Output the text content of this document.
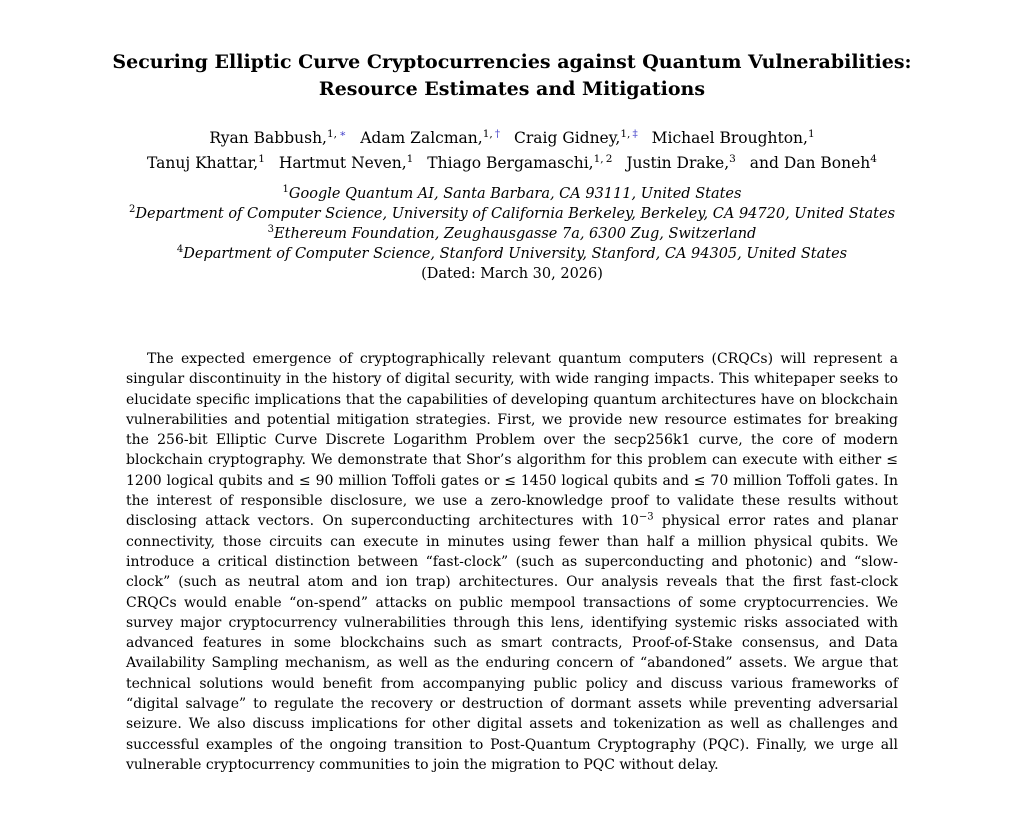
Securing Elliptic Curve Cryptocurrencies against Quantum Vulnerabilities:
Resource Estimates and Mitigations
Ryan Babbush,$^{1, ∗}$ Adam Zalcman,$^{1, \dagger}$ Craig Gidney,$^{1, \ddagger}$ Michael Broughton,$^1$
Tanuj Khattar,$^1$ Hartmut Neven,$^1$ Thiago Bergamaschi,$^{1, 2}$ Justin Drake,$^3$ and Dan Boneh$^4$
$^1$Google Quantum AI, Santa Barbara, CA 93111, United States
$^2$Department of Computer Science, University of California Berkeley, Berkeley, CA 94720, United States
$^3$Ethereum Foundation, Zeughausgasse 7a, 6300 Zug, Switzerland
$^4$Department of Computer Science, Stanford University, Stanford, CA 94305, United States
(Dated: March 30, 2026)

The expected emergence of cryptographically relevant quantum computers (CRQCs) will represent a singular discontinuity in the history of digital security, with wide ranging impacts. This whitepaper seeks to elucidate specific implications that the capabilities of developing quantum architectures have on blockchain vulnerabilities and potential mitigation strategies. First, we provide new resource estimates for breaking the 256-bit Elliptic Curve Discrete Logarithm Problem over the secp256k1 curve, the core of modern blockchain cryptography. We demonstrate that Shor’s algorithm for this problem can execute with either ≤ 1200 logical qubits and ≤ 90 million Toffoli gates or ≤ 1450 logical qubits and ≤ 70 million Toffoli gates. In the interest of responsible disclosure, we use a zero-knowledge proof to validate these results without disclosing attack vectors. On superconducting architectures with $10^{-3}$ physical error rates and planar connectivity, those circuits can execute in minutes using fewer than half a million physical qubits. We introduce a critical distinction between “fast-clock” (such as superconducting and photonic) and “slow-clock” (such as neutral atom and ion trap) architectures. Our analysis reveals that the first fast-clock CRQCs would enable “on-spend” attacks on public mempool transactions of some cryptocurrencies. We survey major cryptocurrency vulnerabilities through this lens, identifying systemic risks associated with advanced features in some blockchains such as smart contracts, Proof-of-Stake consensus, and Data Availability Sampling mechanism, as well as the enduring concern of “abandoned” assets. We argue that technical solutions would benefit from accompanying public policy and discuss various frameworks of “digital salvage” to regulate the recovery or destruction of dormant assets while preventing adversarial seizure. We also discuss implications for other digital assets and tokenization as well as challenges and successful examples of the ongoing transition to Post-Quantum Cryptography (PQC). Finally, we urge all vulnerable cryptocurrency communities to join the migration to PQC without delay.
